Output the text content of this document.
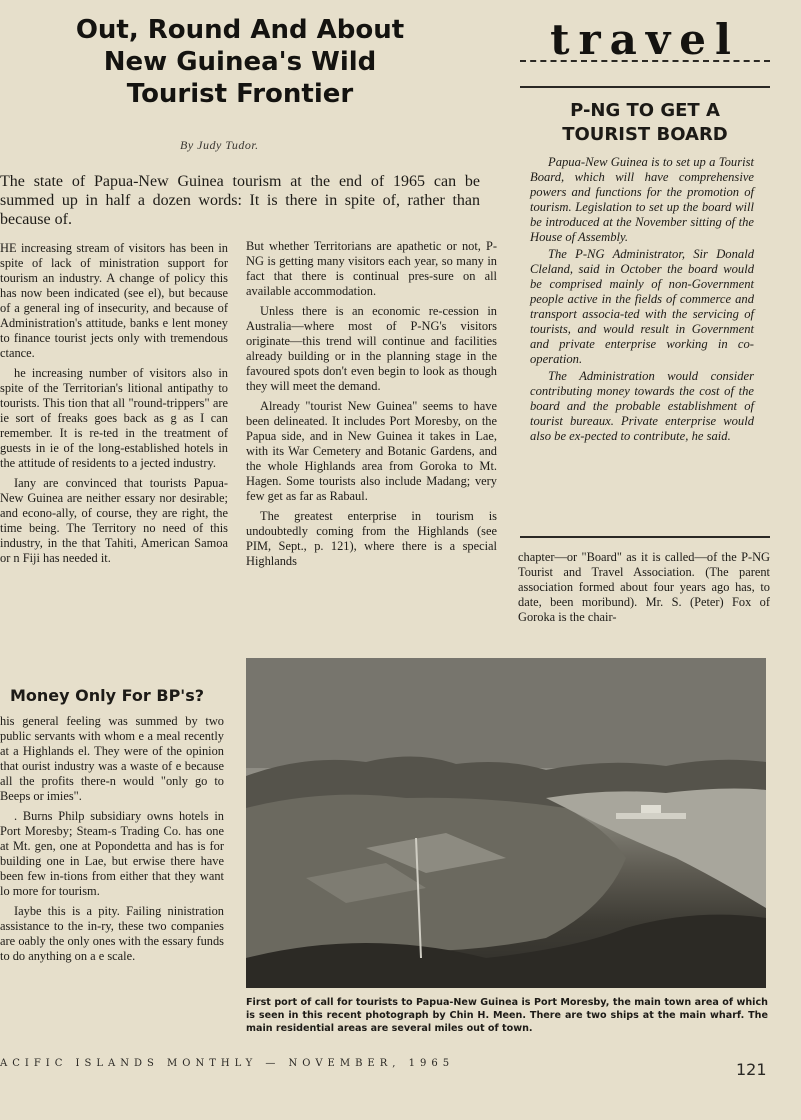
Out, Round And About
New Guinea's Wild
Tourist Frontier
By Judy Tudor.
The state of Papua-New Guinea tourism at the end of 1965 can be summed up in half a dozen words: It is there in spite of, rather than because of.

HE increasing stream of visitors has been in spite of lack of ministration support for tourism an industry. A change of policy this has now been indicated (see el), but because of a general ing of insecurity, and because of Administration's attitude, banks e lent money to finance tourist jects only with tremendous ctance.

he increasing number of visitors also in spite of the Territorian's litional antipathy to tourists. This tion that all "round-trippers" are ie sort of freaks goes back as g as I can remember. It is re-ted in the treatment of guests in ie of the long-established hotels in the attitude of residents to a jected industry.

Iany are convinced that tourists Papua-New Guinea are neither essary nor desirable; and econo-ally, of course, they are right, the time being. The Territory no need of this industry, in the that Tahiti, American Samoa or n Fiji has needed it.

But whether Territorians are apathetic or not, P-NG is getting many visitors each year, so many in fact that there is continual pres-sure on all available accommodation.

Unless there is an economic re-cession in Australia—where most of P-NG's visitors originate—this trend will continue and facilities already building or in the planning stage in the favoured spots don't even begin to look as though they will meet the demand.

Already "tourist New Guinea" seems to have been delineated. It includes Port Moresby, on the Papua side, and in New Guinea it takes in Lae, with its War Cemetery and Botanic Gardens, and the whole Highlands area from Goroka to Mt. Hagen. Some tourists also include Madang; very few get as far as Rabaul.

The greatest enterprise in tourism is undoubtedly coming from the Highlands (see PIM, Sept., p. 121), where there is a special Highlands

Money Only For BP's?

his general feeling was summed by two public servants with whom e a meal recently at a Highlands el. They were of the opinion that ourist industry was a waste of e because all the profits there-n would "only go to Beeps or imies".

. Burns Philp subsidiary owns hotels in Port Moresby; Steam-s Trading Co. has one at Mt. gen, one at Popondetta and has is for building one in Lae, but erwise there have been few in-tions from either that they want lo more for tourism.

Iaybe this is a pity. Failing ninistration assistance to the in-ry, these two companies are oably the only ones with the essary funds to do anything on a e scale.

travel
P-NG TO GET A
TOURIST BOARD

Papua-New Guinea is to set up a Tourist Board, which will have comprehensive powers and functions for the promotion of tourism. Legislation to set up the board will be introduced at the November sitting of the House of Assembly.

The P-NG Administrator, Sir Donald Cleland, said in October the board would be comprised mainly of non-Government people active in the fields of commerce and transport associa-ted with the servicing of tourists, and would result in Government and private enterprise working in co-operation.

The Administration would consider contributing money towards the cost of the board and the probable establishment of tourist bureaux. Private enterprise would also be ex-pected to contribute, he said.

chapter—or "Board" as it is called—of the P-NG Tourist and Travel Association. (The parent association formed about four years ago has, to date, been moribund). Mr. S. (Peter) Fox of Goroka is the chair-

First port of call for tourists to Papua-New Guinea is Port Moresby, the main town area of which is seen in this recent photograph by Chin H. Meen. There are two ships at the main wharf. The main residential areas are several miles out of town.
ACIFIC ISLANDS MONTHLY — NOVEMBER, 1965	121
